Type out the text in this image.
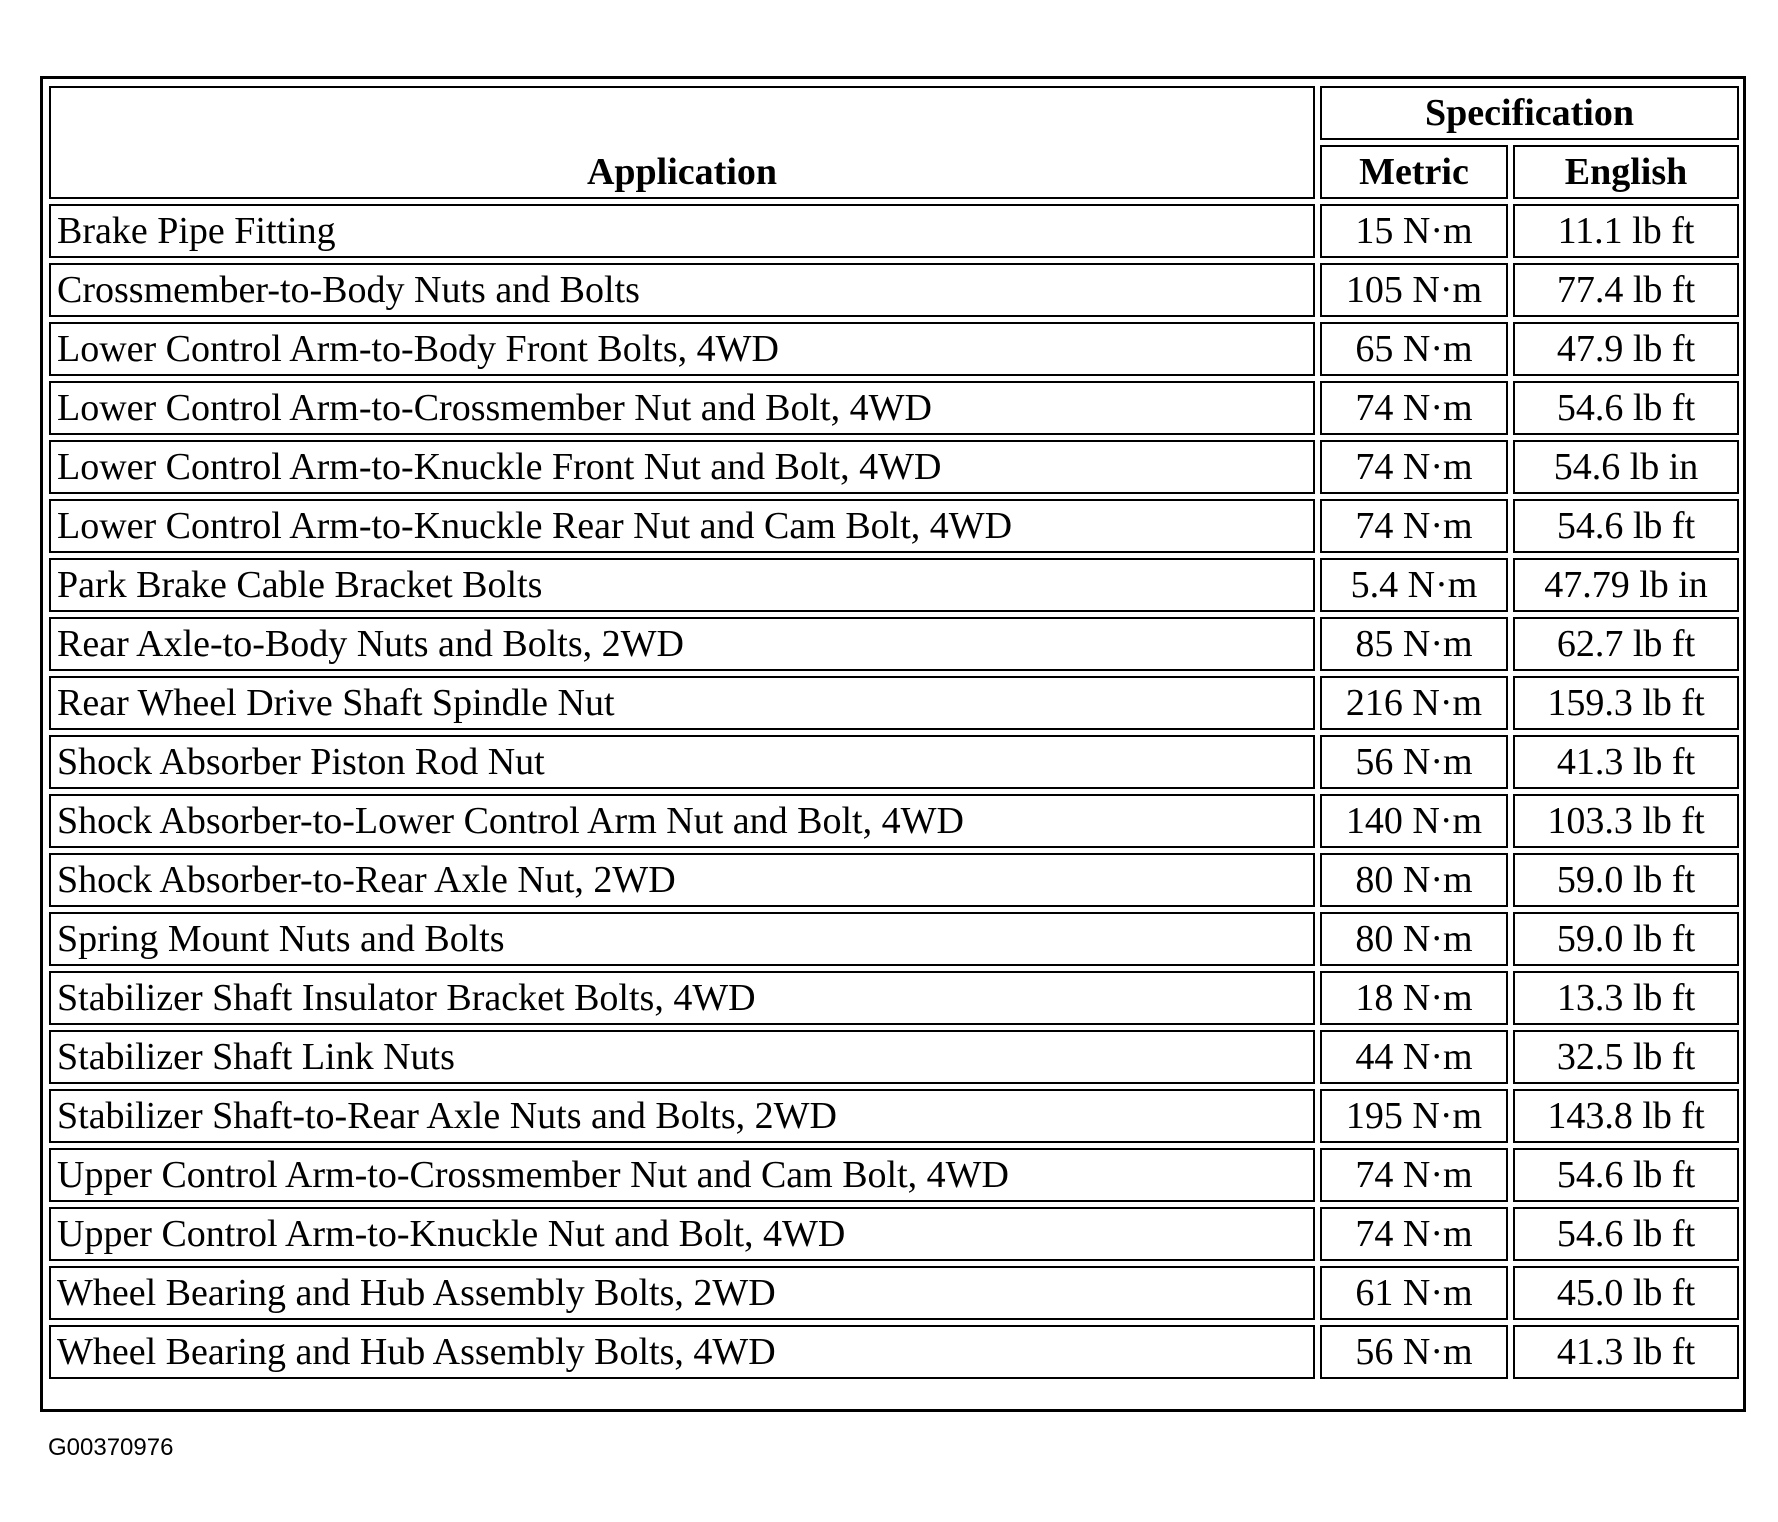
Application	Specification	
	Metric	English
Brake Pipe Fitting	15 N·m	11.1 lb ft
Crossmember-to-Body Nuts and Bolts	105 N·m	77.4 lb ft
Lower Control Arm-to-Body Front Bolts, 4WD	65 N·m	47.9 lb ft
Lower Control Arm-to-Crossmember Nut and Bolt, 4WD	74 N·m	54.6 lb ft
Lower Control Arm-to-Knuckle Front Nut and Bolt, 4WD	74 N·m	54.6 lb in
Lower Control Arm-to-Knuckle Rear Nut and Cam Bolt, 4WD	74 N·m	54.6 lb ft
Park Brake Cable Bracket Bolts	5.4 N·m	47.79 lb in
Rear Axle-to-Body Nuts and Bolts, 2WD	85 N·m	62.7 lb ft
Rear Wheel Drive Shaft Spindle Nut	216 N·m	159.3 lb ft
Shock Absorber Piston Rod Nut	56 N·m	41.3 lb ft
Shock Absorber-to-Lower Control Arm Nut and Bolt, 4WD	140 N·m	103.3 lb ft
Shock Absorber-to-Rear Axle Nut, 2WD	80 N·m	59.0 lb ft
Spring Mount Nuts and Bolts	80 N·m	59.0 lb ft
Stabilizer Shaft Insulator Bracket Bolts, 4WD	18 N·m	13.3 lb ft
Stabilizer Shaft Link Nuts	44 N·m	32.5 lb ft
Stabilizer Shaft-to-Rear Axle Nuts and Bolts, 2WD	195 N·m	143.8 lb ft
Upper Control Arm-to-Crossmember Nut and Cam Bolt, 4WD	74 N·m	54.6 lb ft
Upper Control Arm-to-Knuckle Nut and Bolt, 4WD	74 N·m	54.6 lb ft
Wheel Bearing and Hub Assembly Bolts, 2WD	61 N·m	45.0 lb ft
Wheel Bearing and Hub Assembly Bolts, 4WD	56 N·m	41.3 lb ft
G00370976
